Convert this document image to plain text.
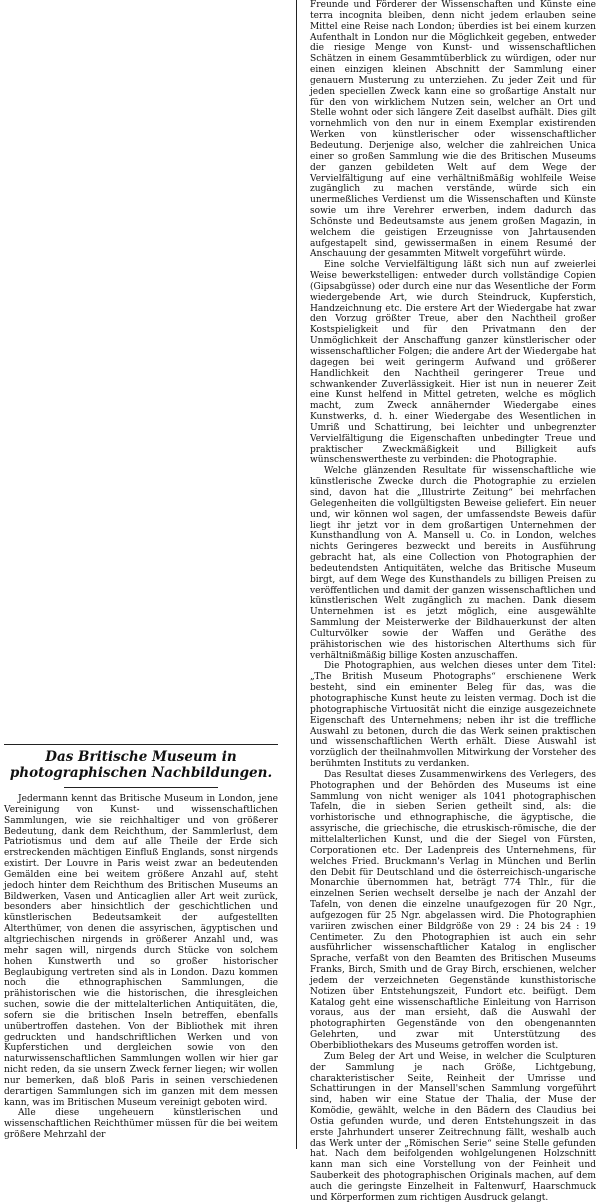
Das Britische Museum in photographischen Nachbildungen.

Jedermann kennt das Britische Museum in London, jene Vereinigung von Kunst- und wissenschaftlichen Sammlungen, wie sie reichhaltiger und von größerer Bedeutung, dank dem Reichthum, der Sammlerlust, dem Patriotismus und dem auf alle Theile der Erde sich erstreckenden mächtigen Einfluß Englands, sonst nirgends existirt. Der Louvre in Paris weist zwar an bedeutenden Gemälden eine bei weitem größere Anzahl auf, steht jedoch hinter dem Reichthum des Britischen Museums an Bildwerken, Vasen und Anticaglien aller Art weit zurück, besonders aber hinsichtlich der geschichtlichen und künstlerischen Bedeutsamkeit der aufgestellten Alterthümer, von denen die assyrischen, ägyptischen und altgriechischen nirgends in größerer Anzahl und, was mehr sagen will, nirgends durch Stücke von solchem hohen Kunstwerth und so großer historischer Beglaubigung vertreten sind als in London. Dazu kommen noch die ethnographischen Sammlungen, die prähistorischen wie die historischen, die ihresgleichen suchen, sowie die der mittelalterlichen Antiquitäten, die, sofern sie die britischen Inseln betreffen, ebenfalls unübertroffen dastehen. Von der Bibliothek mit ihren gedruckten und handschriftlichen Werken und von Kupferstichen und dergleichen sowie von den naturwissenschaftlichen Sammlungen wollen wir hier gar nicht reden, da sie unsern Zweck ferner liegen; wir wollen nur bemerken, daß bloß Paris in seinen verschiedenen derartigen Sammlungen sich im ganzen mit dem messen kann, was im Britischen Museum vereinigt geboten wird.

Alle diese ungeheuern künstlerischen und wissenschaftlichen Reichthümer müssen für die bei weitem größere Mehrzahl der

Freunde und Förderer der Wissenschaften und Künste eine terra incognita bleiben, denn nicht jedem erlauben seine Mittel eine Reise nach London; überdies ist bei einem kurzen Aufenthalt in London nur die Möglichkeit gegeben, entweder die riesige Menge von Kunst- und wissenschaftlichen Schätzen in einem Gesammtüberblick zu würdigen, oder nur einen einzigen kleinen Abschnitt der Sammlung einer genauern Musterung zu unterziehen. Zu jeder Zeit und für jeden speciellen Zweck kann eine so großartige Anstalt nur für den von wirklichem Nutzen sein, welcher an Ort und Stelle wohnt oder sich längere Zeit daselbst aufhält. Dies gilt vornehmlich von den nur in einem Exemplar existirenden Werken von künstlerischer oder wissenschaftlicher Bedeutung. Derjenige also, welcher die zahlreichen Unica einer so großen Sammlung wie die des Britischen Museums der ganzen gebildeten Welt auf dem Wege der Vervielfältigung auf eine verhältnißmäßig wohlfeile Weise zugänglich zu machen verstände, würde sich ein unermeßliches Verdienst um die Wissenschaften und Künste sowie um ihre Verehrer erwerben, indem dadurch das Schönste und Bedeutsamste aus jenem großen Magazin, in welchem die geistigen Erzeugnisse von Jahrtausenden aufgestapelt sind, gewissermaßen in einem Resumé der Anschauung der gesammten Mitwelt vorgeführt würde.

Eine solche Vervielfältigung läßt sich nun auf zweierlei Weise bewerkstelligen: entweder durch vollständige Copien (Gipsabgüsse) oder durch eine nur das Wesentliche der Form wiedergebende Art, wie durch Steindruck, Kupferstich, Handzeichnung etc. Die erstere Art der Wiedergabe hat zwar den Vorzug größter Treue, aber den Nachtheil großer Kostspieligkeit und für den Privatmann den der Unmöglichkeit der Anschaffung ganzer künstlerischer oder wissenschaftlicher Folgen; die andere Art der Wiedergabe hat dagegen bei weit geringerm Aufwand und größerer Handlichkeit den Nachtheil geringerer Treue und schwankender Zuverlässigkeit. Hier ist nun in neuerer Zeit eine Kunst helfend in Mittel getreten, welche es möglich macht, zum Zweck annähernder Wiedergabe eines Kunstwerks, d. h. einer Wiedergabe des Wesentlichen in Umriß und Schattirung, bei leichter und unbegrenzter Vervielfältigung die Eigenschaften unbedingter Treue und praktischer Zweckmäßigkeit und Billigkeit aufs wünschenswertheste zu verbinden: die Photographie.

Welche glänzenden Resultate für wissenschaftliche wie künstlerische Zwecke durch die Photographie zu erzielen sind, davon hat die „Illustrirte Zeitung“ bei mehrfachen Gelegenheiten die vollgültigsten Beweise geliefert. Ein neuer und, wir können wol sagen, der umfassendste Beweis dafür liegt ihr jetzt vor in dem großartigen Unternehmen der Kunsthandlung von A. Mansell u. Co. in London, welches nichts Geringeres bezweckt und bereits in Ausführung gebracht hat, als eine Collection von Photographien der bedeutendsten Antiquitäten, welche das Britische Museum birgt, auf dem Wege des Kunsthandels zu billigen Preisen zu veröffentlichen und damit der ganzen wissenschaftlichen und künstlerischen Welt zugänglich zu machen. Dank diesem Unternehmen ist es jetzt möglich, eine ausgewählte Sammlung der Meisterwerke der Bildhauerkunst der alten Culturvölker sowie der Waffen und Geräthe des prähistorischen wie des historischen Alterthums sich für verhältnißmäßig billige Kosten anzuschaffen.

Die Photographien, aus welchen dieses unter dem Titel: „The British Museum Photographs“ erschienene Werk besteht, sind ein eminenter Beleg für das, was die photographische Kunst heute zu leisten vermag. Doch ist die photographische Virtuosität nicht die einzige ausgezeichnete Eigenschaft des Unternehmens; neben ihr ist die treffliche Auswahl zu betonen, durch die das Werk seinen praktischen und wissenschaftlichen Werth erhält. Diese Auswahl ist vorzüglich der theilnahmvollen Mitwirkung der Vorsteher des berühmten Instituts zu verdanken.

Das Resultat dieses Zusammenwirkens des Verlegers, des Photographen und der Behörden des Museums ist eine Sammlung von nicht weniger als 1041 photographischen Tafeln, die in sieben Serien getheilt sind, als: die vorhistorische und ethnographische, die ägyptische, die assyrische, die griechische, die etruskisch-römische, die der mittelalterlichen Kunst, und die der Siegel von Fürsten, Corporationen etc. Der Ladenpreis des Unternehmens, für welches Fried. Bruckmann's Verlag in München und Berlin den Debit für Deutschland und die österreichisch-ungarische Monarchie übernommen hat, beträgt 774 Thlr., für die einzelnen Serien wechselt derselbe je nach der Anzahl der Tafeln, von denen die einzelne unaufgezogen für 20 Ngr., aufgezogen für 25 Ngr. abgelassen wird. Die Photographien variiren zwischen einer Bildgröße von 29 : 24 bis 24 : 19 Centimeter. Zu den Photographien ist auch ein sehr ausführlicher wissenschaftlicher Katalog in englischer Sprache, verfaßt von den Beamten des Britischen Museums Franks, Birch, Smith und de Gray Birch, erschienen, welcher jedem der verzeichneten Gegenstände kunsthistorische Notizen über Entstehungszeit, Fundort etc. beifügt. Dem Katalog geht eine wissenschaftliche Einleitung von Harrison voraus, aus der man ersieht, daß die Auswahl der photographirten Gegenstände von den obengenannten Gelehrten, und zwar mit Unterstützung des Oberbibliothekars des Museums getroffen worden ist.

Zum Beleg der Art und Weise, in welcher die Sculpturen der Sammlung je nach Größe, Lichtgebung, charakteristischer Seite, Reinheit der Umrisse und Schattirungen in der Mansell'schen Sammlung vorgeführt sind, haben wir eine Statue der Thalia, der Muse der Komödie, gewählt, welche in den Bädern des Claudius bei Ostia gefunden wurde, und deren Entstehungszeit in das erste Jahrhundert unserer Zeitrechnung fällt, weshalb auch das Werk unter der „Römischen Serie“ seine Stelle gefunden hat. Nach dem beifolgenden wohlgelungenen Holzschnitt kann man sich eine Vorstellung von der Feinheit und Sauberkeit des photographischen Originals machen, auf dem auch die geringste Einzelheit in Faltenwurf, Haarschmuck und Körperformen zum richtigen Ausdruck gelangt.
